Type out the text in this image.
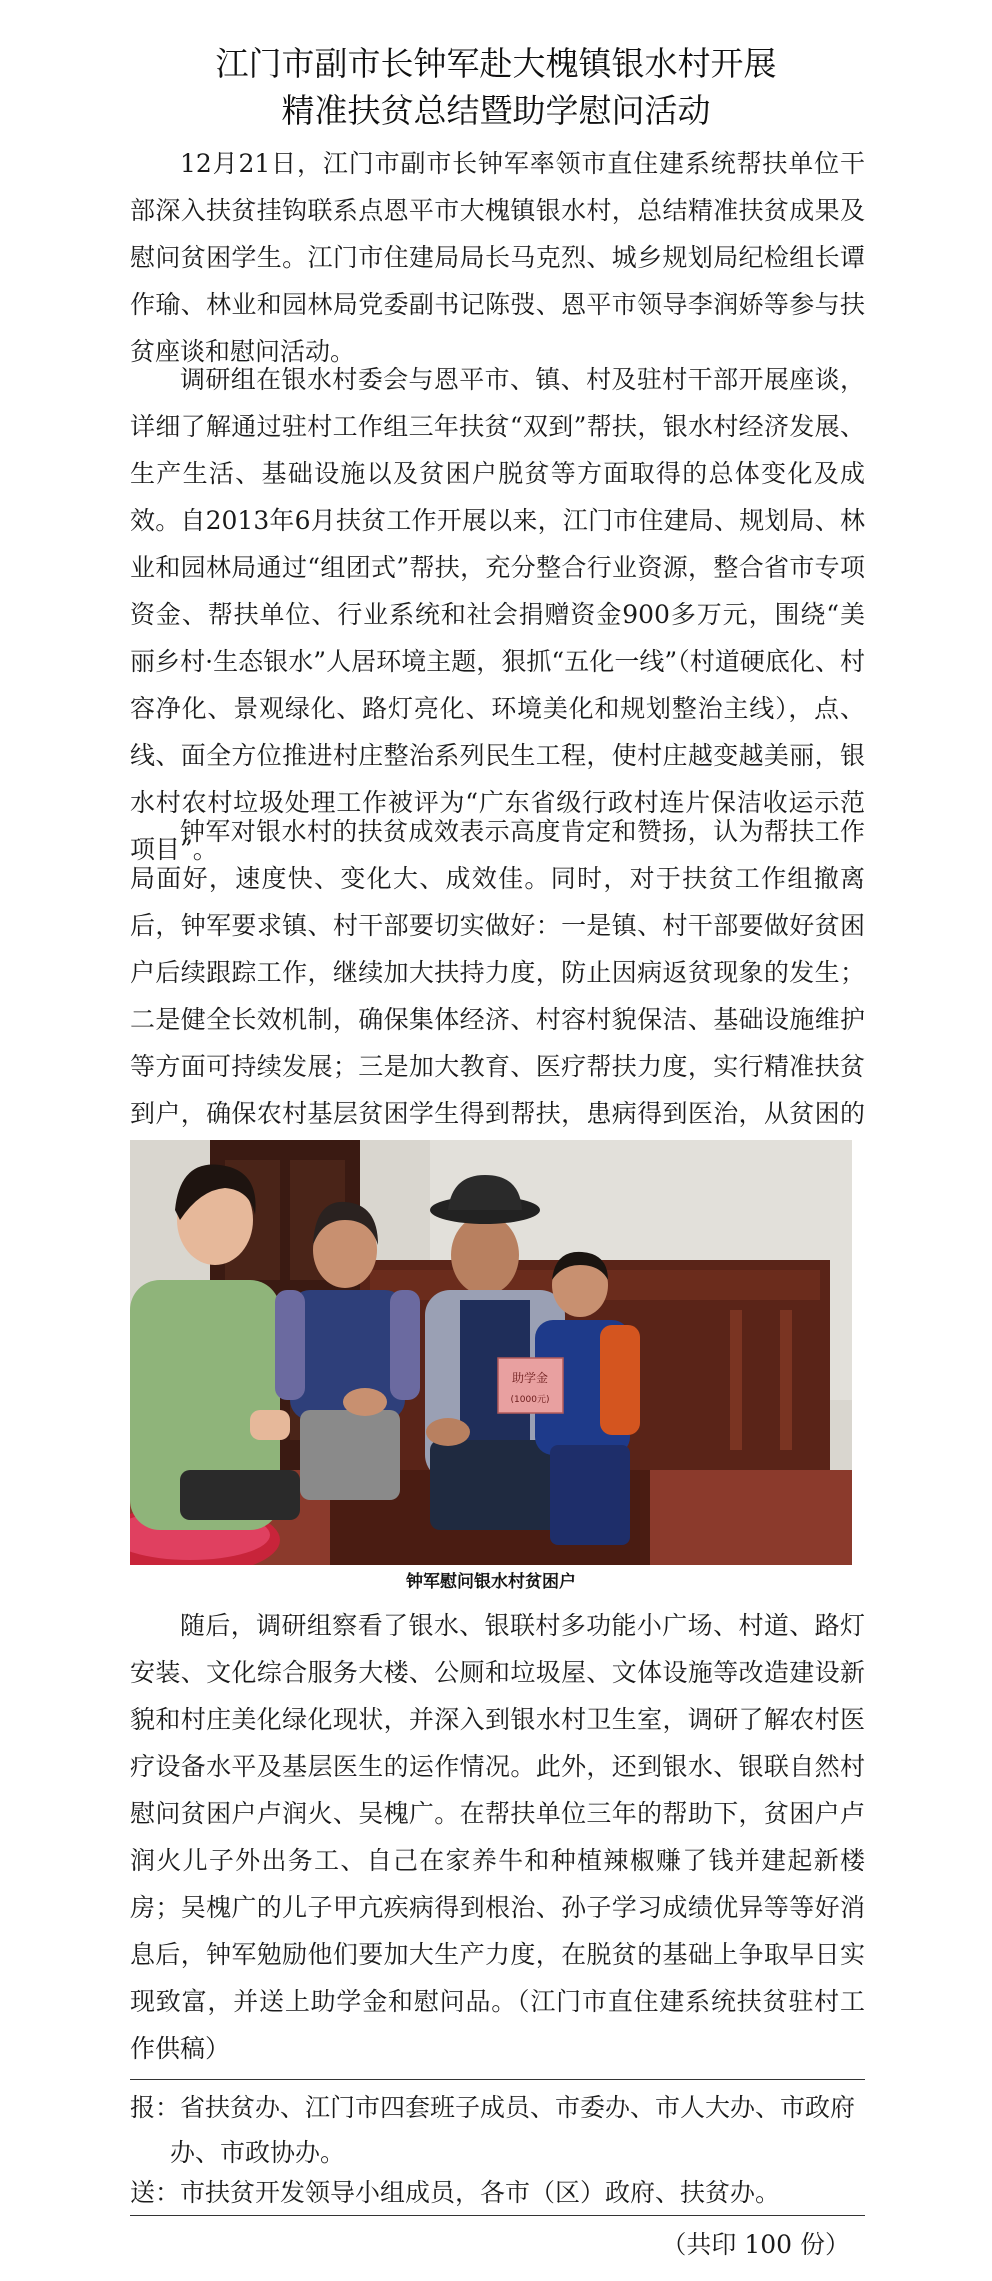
江门市副市长钟军赴大槐镇银水村开展
精准扶贫总结暨助学慰问活动

12月21日，江门市副市长钟军率领市直住建系统帮扶单位干部深入扶贫挂钩联系点恩平市大槐镇银水村，总结精准扶贫成果及慰问贫困学生。江门市住建局局长马克烈、城乡规划局纪检组长谭作瑜、林业和园林局党委副书记陈弢、恩平市领导李润娇等参与扶贫座谈和慰问活动。

调研组在银水村委会与恩平市、镇、村及驻村干部开展座谈，详细了解通过驻村工作组三年扶贫“双到”帮扶，银水村经济发展、生产生活、基础设施以及贫困户脱贫等方面取得的总体变化及成效。自2013年6月扶贫工作开展以来，江门市住建局、规划局、林业和园林局通过“组团式”帮扶，充分整合行业资源，整合省市专项资金、帮扶单位、行业系统和社会捐赠资金900多万元，围绕“美丽乡村·生态银水”人居环境主题，狠抓“五化一线”（村道硬底化、村容净化、景观绿化、路灯亮化、环境美化和规划整治主线），点、线、面全方位推进村庄整治系列民生工程，使村庄越变越美丽，银水村农村垃圾处理工作被评为“广东省级行政村连片保洁收运示范项目”。

钟军对银水村的扶贫成效表示高度肯定和赞扬，认为帮扶工作局面好，速度快、变化大、成效佳。同时，对于扶贫工作组撤离后，钟军要求镇、村干部要切实做好：一是镇、村干部要做好贫困户后续跟踪工作，继续加大扶持力度，防止因病返贫现象的发生；二是健全长效机制，确保集体经济、村容村貌保洁、基础设施维护等方面可持续发展；三是加大教育、医疗帮扶力度，实行精准扶贫到户，确保农村基层贫困学生得到帮扶，患病得到医治，从贫困的

助学金
(1000元)
钟军慰问银水村贫困户

随后，调研组察看了银水、银联村多功能小广场、村道、路灯安装、文化综合服务大楼、公厕和垃圾屋、文体设施等改造建设新貌和村庄美化绿化现状，并深入到银水村卫生室，调研了解农村医疗设备水平及基层医生的运作情况。此外，还到银水、银联自然村慰问贫困户卢润火、吴槐广。在帮扶单位三年的帮助下，贫困户卢润火儿子外出务工、自己在家养牛和种植辣椒赚了钱并建起新楼房；吴槐广的儿子甲亢疾病得到根治、孙子学习成绩优异等等好消息后，钟军勉励他们要加大生产力度，在脱贫的基础上争取早日实现致富，并送上助学金和慰问品。（江门市直住建系统扶贫驻村工作供稿）

报：省扶贫办、江门市四套班子成员、市委办、市人大办、市政府办、市政协办。

送：市扶贫开发领导小组成员，各市（区）政府、扶贫办。

（共印 100 份）
